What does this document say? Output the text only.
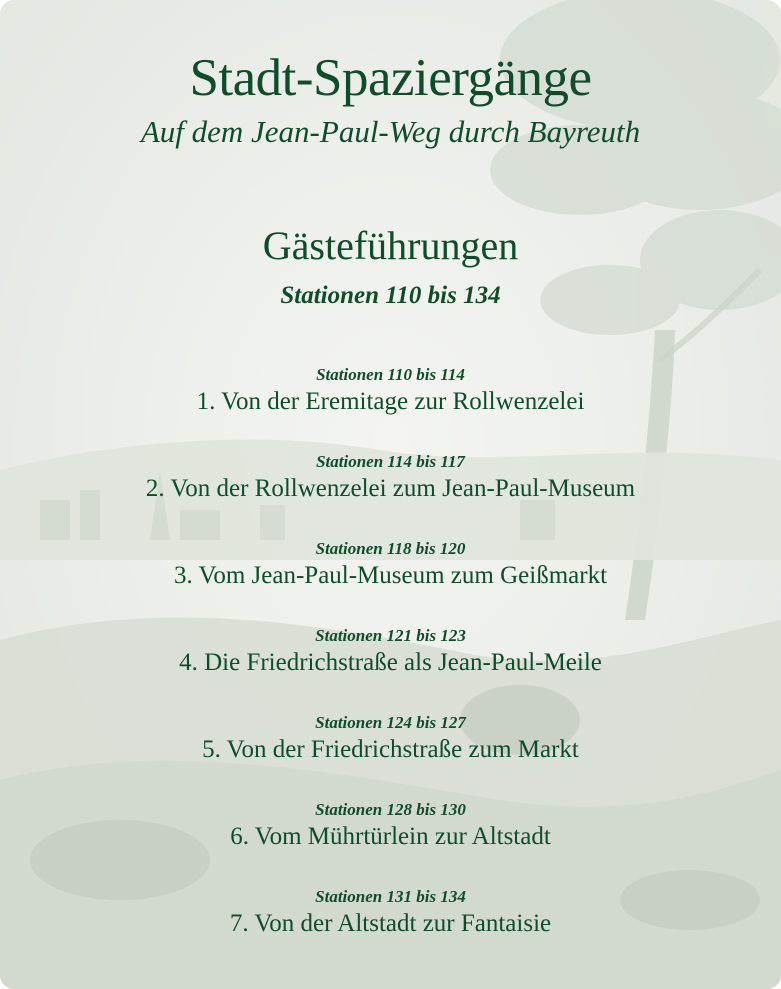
Stadt-Spaziergänge
Auf dem Jean-Paul-Weg durch Bayreuth
Gästeführungen
Stationen 110 bis 134
Stationen 110 bis 114
1. Von der Eremitage zur Rollwenzelei
Stationen 114 bis 117
2. Von der Rollwenzelei zum Jean-Paul-Museum
Stationen 118 bis 120
3. Vom Jean-Paul-Museum zum Geißmarkt
Stationen 121 bis 123
4. Die Friedrichstraße als Jean-Paul-Meile
Stationen 124 bis 127
5. Von der Friedrichstraße zum Markt
Stationen 128 bis 130
6. Vom Mührtürlein zur Altstadt
Stationen 131 bis 134
7. Von der Altstadt zur Fantaisie
